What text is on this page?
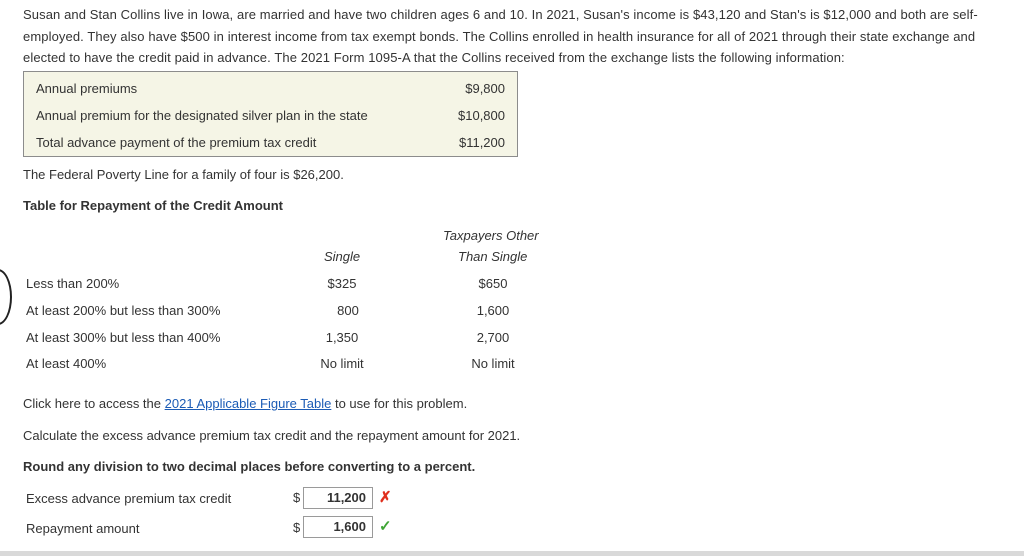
Susan and Stan Collins live in Iowa, are married and have two children ages 6 and 10. In 2021, Susan's income is $43,120 and Stan's is $12,000 and both are self-employed. They also have $500 in interest income from tax exempt bonds. The Collins enrolled in health insurance for all of 2021 through their state exchange and elected to have the credit paid in advance. The 2021 Form 1095-A that the Collins received from the exchange lists the following information:
Annual premiums	$9,800
Annual premium for the designated silver plan in the state	$10,800
Total advance payment of the premium tax credit	$11,200
The Federal Poverty Line for a family of four is $26,200.
Table for Repayment of the Credit Amount
Taxpayers Other
Single	Than Single
Less than 200%	$325	$650
At least 200% but less than 300%	800	1,600
At least 300% but less than 400%	1,350	2,700
At least 400%	No limit	No limit
Click here to access the 2021 Applicable Figure Table to use for this problem.
Calculate the excess advance premium tax credit and the repayment amount for 2021.
Round any division to two decimal places before converting to a percent.
Excess advance premium tax credit	$	11,200 ✗
Repayment amount	$	1,600 ✓
